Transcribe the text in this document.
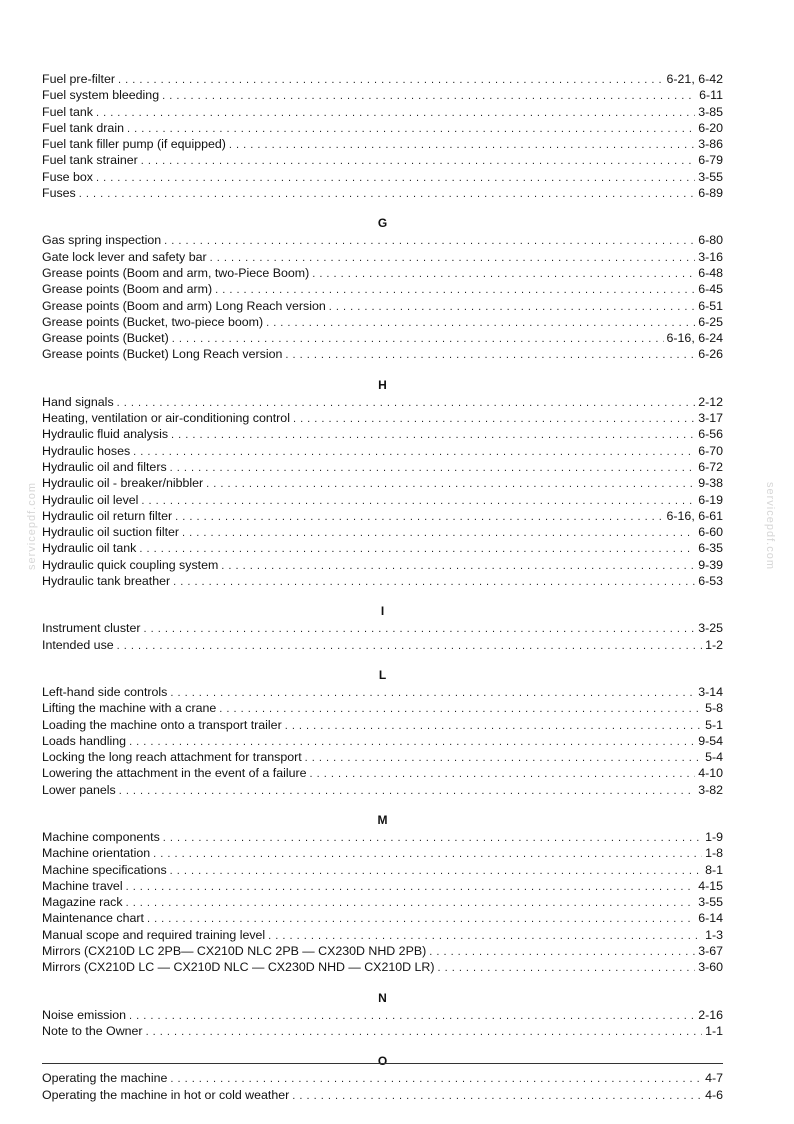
Fuel pre-filter . . .	6-21, 6-42
Fuel system bleeding . . .	6-11
Fuel tank . . .	3-85
Fuel tank drain . . .	6-20
Fuel tank filler pump (if equipped) . . .	3-86
Fuel tank strainer . . .	6-79
Fuse box . . .	3-55
Fuses . . .	6-89
G
Gas spring inspection . . .	6-80
Gate lock lever and safety bar . . .	3-16
Grease points (Boom and arm, two-Piece Boom) . . .	6-48
Grease points (Boom and arm) . . .	6-45
Grease points (Boom and arm) Long Reach version . . .	6-51
Grease points (Bucket, two-piece boom) . . .	6-25
Grease points (Bucket) . . .	6-16, 6-24
Grease points (Bucket) Long Reach version . . .	6-26
H
Hand signals . . .	2-12
Heating, ventilation or air-conditioning control . . .	3-17
Hydraulic fluid analysis . . .	6-56
Hydraulic hoses . . .	6-70
Hydraulic oil and filters . . .	6-72
Hydraulic oil - breaker/nibbler . . .	9-38
Hydraulic oil level . . .	6-19
Hydraulic oil return filter . . .	6-16, 6-61
Hydraulic oil suction filter . . .	6-60
Hydraulic oil tank . . .	6-35
Hydraulic quick coupling system . . .	9-39
Hydraulic tank breather . . .	6-53
I
Instrument cluster . . .	3-25
Intended use . . .	1-2
L
Left-hand side controls . . .	3-14
Lifting the machine with a crane . . .	5-8
Loading the machine onto a transport trailer . . .	5-1
Loads handling . . .	9-54
Locking the long reach attachment for transport . . .	5-4
Lowering the attachment in the event of a failure . . .	4-10
Lower panels . . .	3-82
M
Machine components . . .	1-9
Machine orientation . . .	1-8
Machine specifications . . .	8-1
Machine travel . . .	4-15
Magazine rack . . .	3-55
Maintenance chart . . .	6-14
Manual scope and required training level . . .	1-3
Mirrors (CX210D LC 2PB— CX210D NLC 2PB — CX230D NHD 2PB) . . .	3-67
Mirrors (CX210D LC — CX210D NLC — CX230D NHD — CX210D LR) . . .	3-60
N
Noise emission . . .	2-16
Note to the Owner . . .	1-1
O
Operating the machine . . .	4-7
Operating the machine in hot or cold weather . . .	4-6
servicepdf.com	servicepdf.com
